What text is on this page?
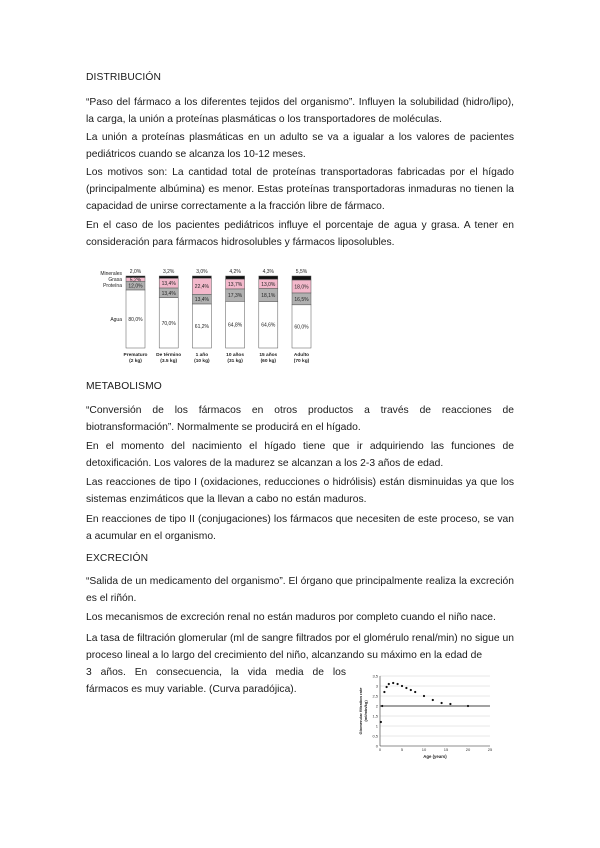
DISTRIBUCIÓN
“Paso del fármaco a los diferentes tejidos del organismo”. Influyen la solubilidad (hidro/lipo), la carga, la unión a proteínas plasmáticas o los transportadores de moléculas.
La unión a proteínas plasmáticas en un adulto se va a igualar a los valores de pacientes pediátricos cuando se alcanza los 10-12 meses.
Los motivos son: La cantidad total de proteínas transportadoras fabricadas por el hígado (principalmente albúmina) es menor. Estas proteínas transportadoras inmaduras no tienen la capacidad de unirse correctamente a la fracción libre de fármaco.
En el caso de los pacientes pediátricos influye el porcentaje de agua y grasa. A tener en consideración para fármacos hidrosolubles y fármacos liposolubles.
80,0%
12,0%
5,2%
2,0%
Prematuro
(2 kg)
70,0%
13,4%
13,4%
3,2%
De término
(3.5 kg)
61,2%
13,4%
22,4%
3,0%
1 año
(10 kg)
64,8%
17,3%
13,7%
4,2%
10 años
(31 kg)
64,6%
18,1%
13,0%
4,3%
15 años
(60 kg)
60,0%
16,5%
18,0%
5,5%
Adulto
(70 kg)
Minerales
Grasa
Proteína
Agua
METABOLISMO
“Conversión de los fármacos en otros productos a través de reacciones de biotransformación”. Normalmente se producirá en el hígado.
En el momento del nacimiento el hígado tiene que ir adquiriendo las funciones de detoxificación. Los valores de la madurez se alcanzan a los 2-3 años de edad.
Las reacciones de tipo I (oxidaciones, reducciones o hidrólisis) están disminuidas ya que los sistemas enzimáticos que la llevan a cabo no están maduros.
En reacciones de tipo II (conjugaciones) los fármacos que necesiten de este proceso, se van a acumular en el organismo.
EXCRECIÓN
“Salida de un medicamento del organismo”. El órgano que principalmente realiza la excreción es el riñón.
Los mecanismos de excreción renal no están maduros por completo cuando el niño nace.
La tasa de filtración glomerular (ml de sangre filtrados por el glomérulo renal/min) no sigue un proceso lineal a lo largo del crecimiento del niño, alcanzando su máximo en la edad de
3 años. En consecuencia, la vida media de los
fármacos es muy variable. (Curva paradójica).
0
0,5
1
1,5
2
2,5
3
3,5
0	5	10	15	20	25
Age (years)
Glomerular filtration rate (ml/min/kg)
